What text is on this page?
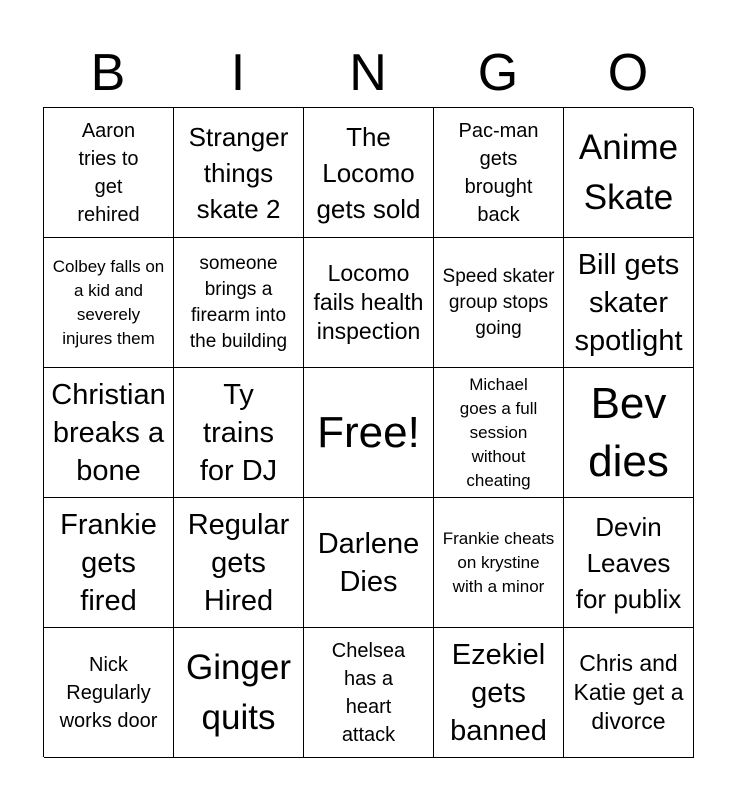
B	I	N	G	O
Aaron tries to get rehired
Stranger things skate 2
The Locomo gets sold
Pac-man gets brought back
Anime Skate
Colbey falls on a kid and severely injures them
someone brings a firearm into the building
Locomo fails health inspection
Speed skater group stops going
Bill gets skater spotlight
Christian breaks a bone
Ty trains for DJ
Free!
Michael goes a full session without cheating
Bev dies
Frankie gets fired
Regular gets Hired
Darlene Dies
Frankie cheats on krystine with a minor
Devin Leaves for publix
Nick Regularly works door
Ginger quits
Chelsea has a heart attack
Ezekiel gets banned
Chris and Katie get a divorce
